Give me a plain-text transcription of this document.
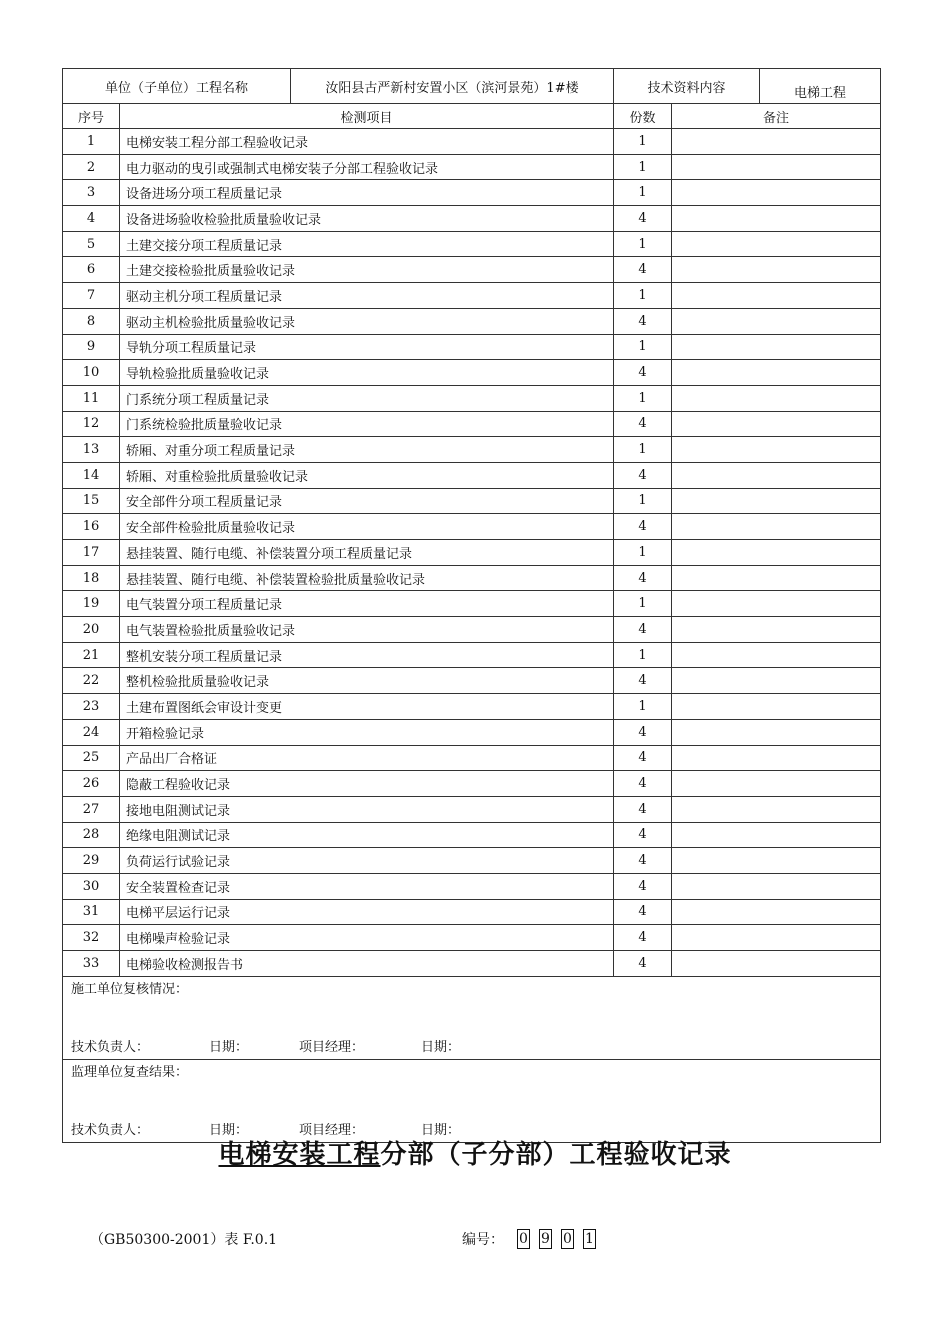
单位（子单位）工程名称		汝阳县古严新村安置小区（滨河景苑）1#楼	技术资料内容		电梯工程
序号	检测项目		份数	备注	
1	电梯安装工程分部工程验收记录		1		
2	电力驱动的曳引或强制式电梯安装子分部工程验收记录		1		
3	设备进场分项工程质量记录		1		
4	设备进场验收检验批质量验收记录		4		
5	土建交接分项工程质量记录		1		
6	土建交接检验批质量验收记录		4		
7	驱动主机分项工程质量记录		1		
8	驱动主机检验批质量验收记录		4		
9	导轨分项工程质量记录		1		
10	导轨检验批质量验收记录		4		
11	门系统分项工程质量记录		1		
12	门系统检验批质量验收记录		4		
13	轿厢、对重分项工程质量记录		1		
14	轿厢、对重检验批质量验收记录		4		
15	安全部件分项工程质量记录		1		
16	安全部件检验批质量验收记录		4		
17	悬挂装置、随行电缆、补偿装置分项工程质量记录		1		
18	悬挂装置、随行电缆、补偿装置检验批质量验收记录		4		
19	电气装置分项工程质量记录		1		
20	电气装置检验批质量验收记录		4		
21	整机安装分项工程质量记录		1		
22	整机检验批质量验收记录		4		
23	土建布置图纸会审设计变更		1		
24	开箱检验记录		4		
25	产品出厂合格证		4		
26	隐蔽工程验收记录		4		
27	接地电阻测试记录		4		
28	绝缘电阻测试记录		4		
29	负荷运行试验记录		4		
30	安全装置检查记录		4		
31	电梯平层运行记录		4		
32	电梯噪声检验记录		4		
33	电梯验收检测报告书		4		

施工单位复核情况：
技术负责人： 日期： 项目经理： 日期：					

监理单位复查结果：
技术负责人： 日期： 项目经理： 日期：					
电梯安装工程分部（子分部）工程验收记录
（GB50300-2001）表 F.0.1	编号： 0 9 0 1
